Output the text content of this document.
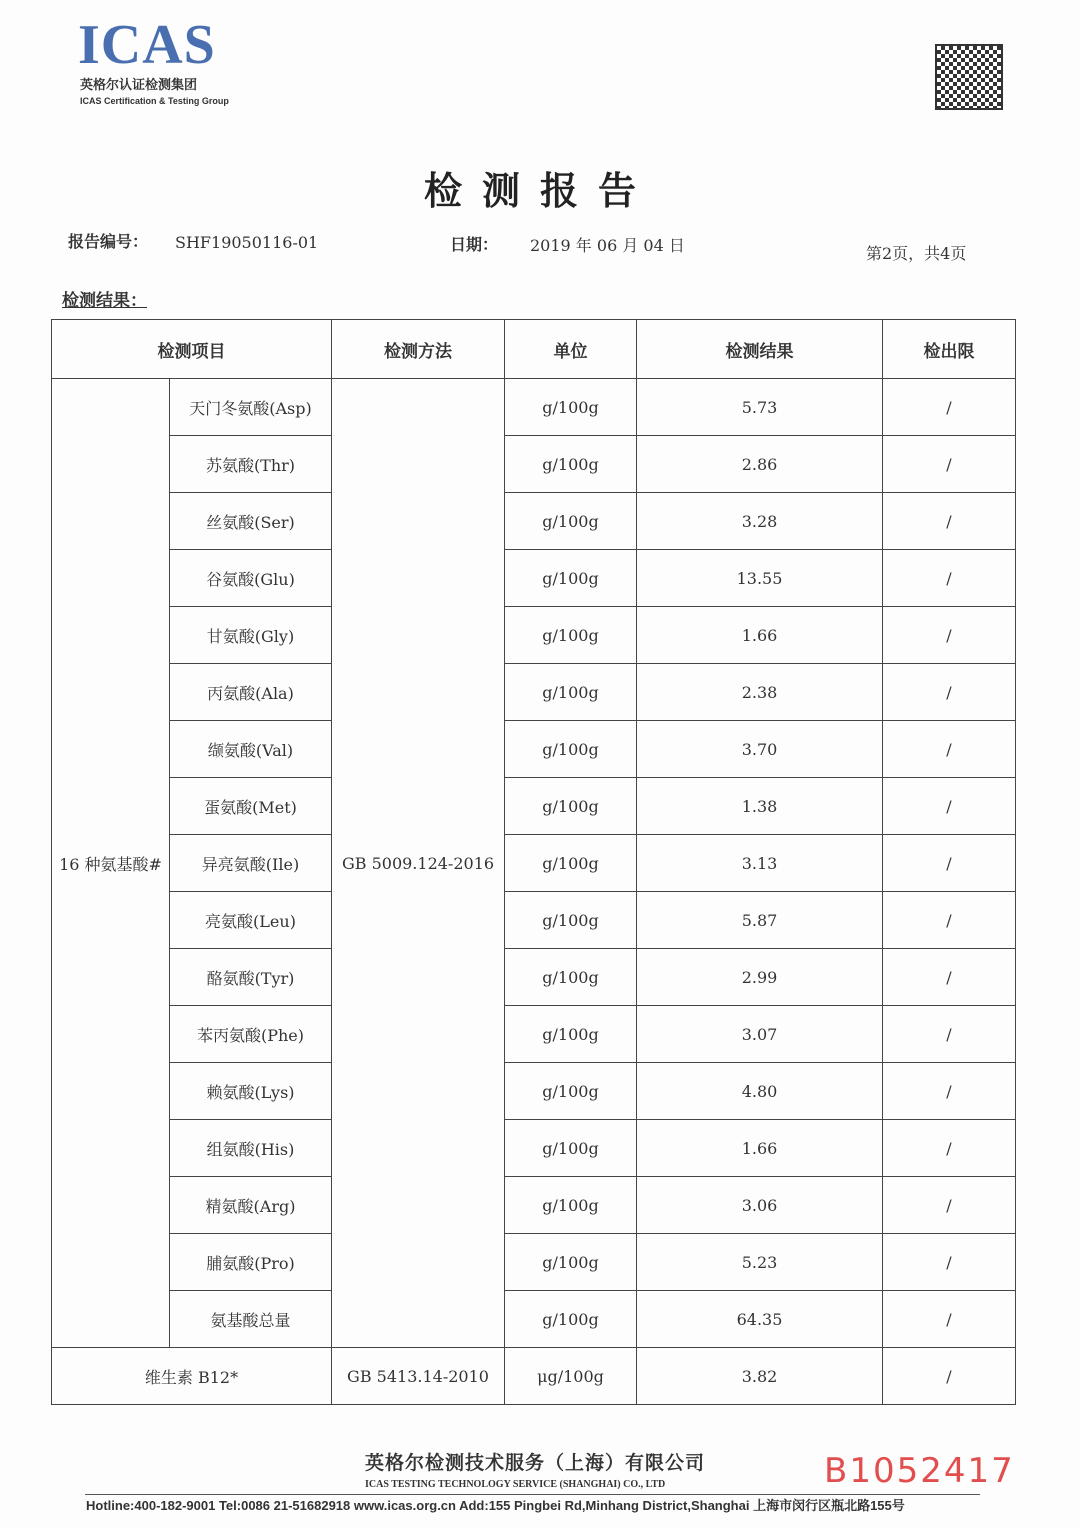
ICAS
英格尔认证检测集团
ICAS Certification & Testing Group
检测报告
报告编号： SHF19050116-01	日期： 2019 年 06 月 04 日	第2页，共4页
检测结果：
检测项目		检测方法	单位	检测结果	检出限
16 种氨基酸#	天门冬氨酸(Asp)	GB 5009.124-2016	g/100g	5.73	/
	苏氨酸(Thr)		g/100g	2.86	/
	丝氨酸(Ser)		g/100g	3.28	/
	谷氨酸(Glu)		g/100g	13.55	/
	甘氨酸(Gly)		g/100g	1.66	/
	丙氨酸(Ala)		g/100g	2.38	/
	缬氨酸(Val)		g/100g	3.70	/
	蛋氨酸(Met)		g/100g	1.38	/
	异亮氨酸(Ile)		g/100g	3.13	/
	亮氨酸(Leu)		g/100g	5.87	/
	酪氨酸(Tyr)		g/100g	2.99	/
	苯丙氨酸(Phe)		g/100g	3.07	/
	赖氨酸(Lys)		g/100g	4.80	/
	组氨酸(His)		g/100g	1.66	/
	精氨酸(Arg)		g/100g	3.06	/
	脯氨酸(Pro)		g/100g	5.23	/
	氨基酸总量		g/100g	64.35	/
维生素 B12*		GB 5413.14-2010	μg/100g	3.82	/
英格尔检测技术服务（上海）有限公司
ICAS TESTING TECHNOLOGY SERVICE (SHANGHAI) CO., LTD
Hotline:400-182-9001 Tel:0086 21-51682918 www.icas.org.cn Add:155 Pingbei Rd,Minhang District,Shanghai 上海市闵行区瓶北路155号
B1052417
